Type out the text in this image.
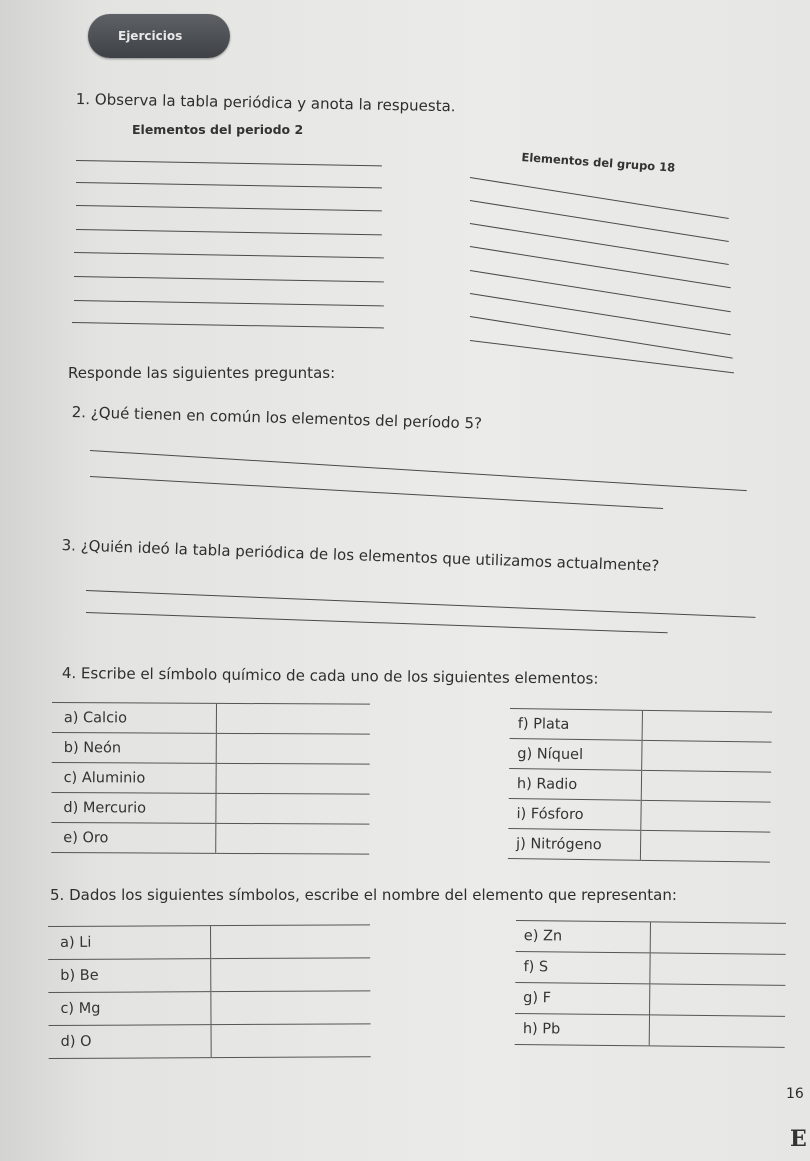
Ejercicios
1. Observa la tabla periódica y anota la respuesta.
Elementos del periodo 2
Elementos del grupo 18
Responde las siguientes preguntas:
2. ¿Qué tienen en común los elementos del período 5?
3. ¿Quién ideó la tabla periódica de los elementos que utilizamos actualmente?
4. Escribe el símbolo químico de cada uno de los siguientes elementos:
a) Calcio	
b) Neón	
c) Aluminio	
d) Mercurio	
e) Oro	
f) Plata	
g) Níquel	
h) Radio	
i) Fósforo	
j) Nitrógeno	
5. Dados los siguientes símbolos, escribe el nombre del elemento que representan:
a) Li	
b) Be	
c) Mg	
d) O	
e) Zn	
f) S	
g) F	
h) Pb	
16
E
